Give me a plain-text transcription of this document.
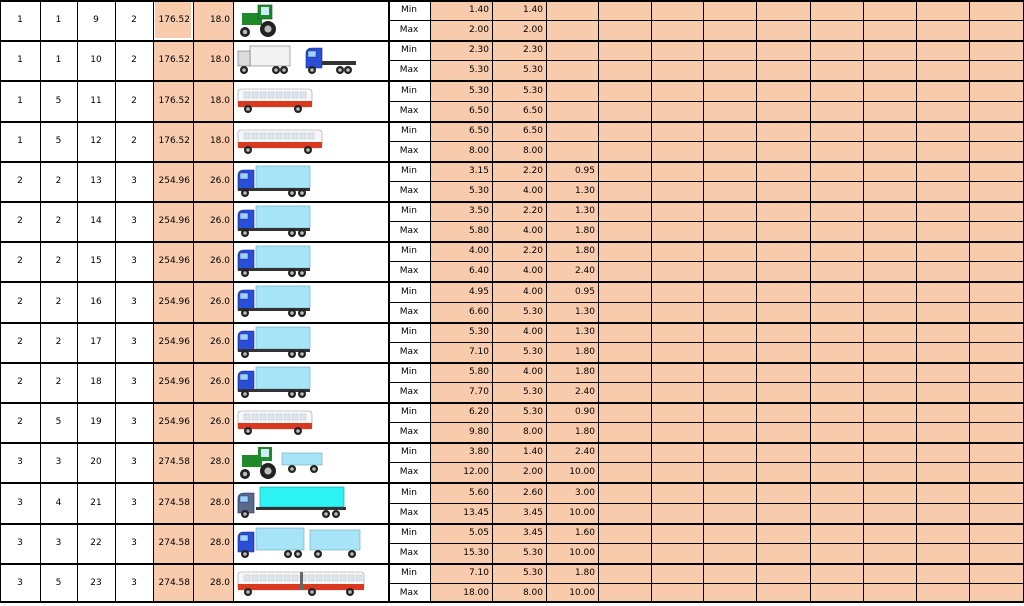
1	1	9	2	176.52	18.0
Min	1.40	1.40
Max	2.00	2.00
1	1	10	2	176.52	18.0
Min	2.30	2.30
Max	5.30	5.30
1	5	11	2	176.52	18.0
Min	5.30	5.30
Max	6.50	6.50
1	5	12	2	176.52	18.0
Min	6.50	6.50
Max	8.00	8.00
2	2	13	3	254.96	26.0
Min	3.15	2.20	0.95
Max	5.30	4.00	1.30
2	2	14	3	254.96	26.0
Min	3.50	2.20	1.30
Max	5.80	4.00	1.80
2	2	15	3	254.96	26.0
Min	4.00	2.20	1.80
Max	6.40	4.00	2.40
2	2	16	3	254.96	26.0
Min	4.95	4.00	0.95
Max	6.60	5.30	1.30
2	2	17	3	254.96	26.0
Min	5.30	4.00	1.30
Max	7.10	5.30	1.80
2	2	18	3	254.96	26.0
Min	5.80	4.00	1.80
Max	7.70	5.30	2.40
2	5	19	3	254.96	26.0
Min	6.20	5.30	0.90
Max	9.80	8.00	1.80
3	3	20	3	274.58	28.0
Min	3.80	1.40	2.40
Max	12.00	2.00	10.00
3	4	21	3	274.58	28.0
Min	5.60	2.60	3.00
Max	13.45	3.45	10.00
3	3	22	3	274.58	28.0
Min	5.05	3.45	1.60
Max	15.30	5.30	10.00
3	5	23	3	274.58	28.0
Min	7.10	5.30	1.80
Max	18.00	8.00	10.00
